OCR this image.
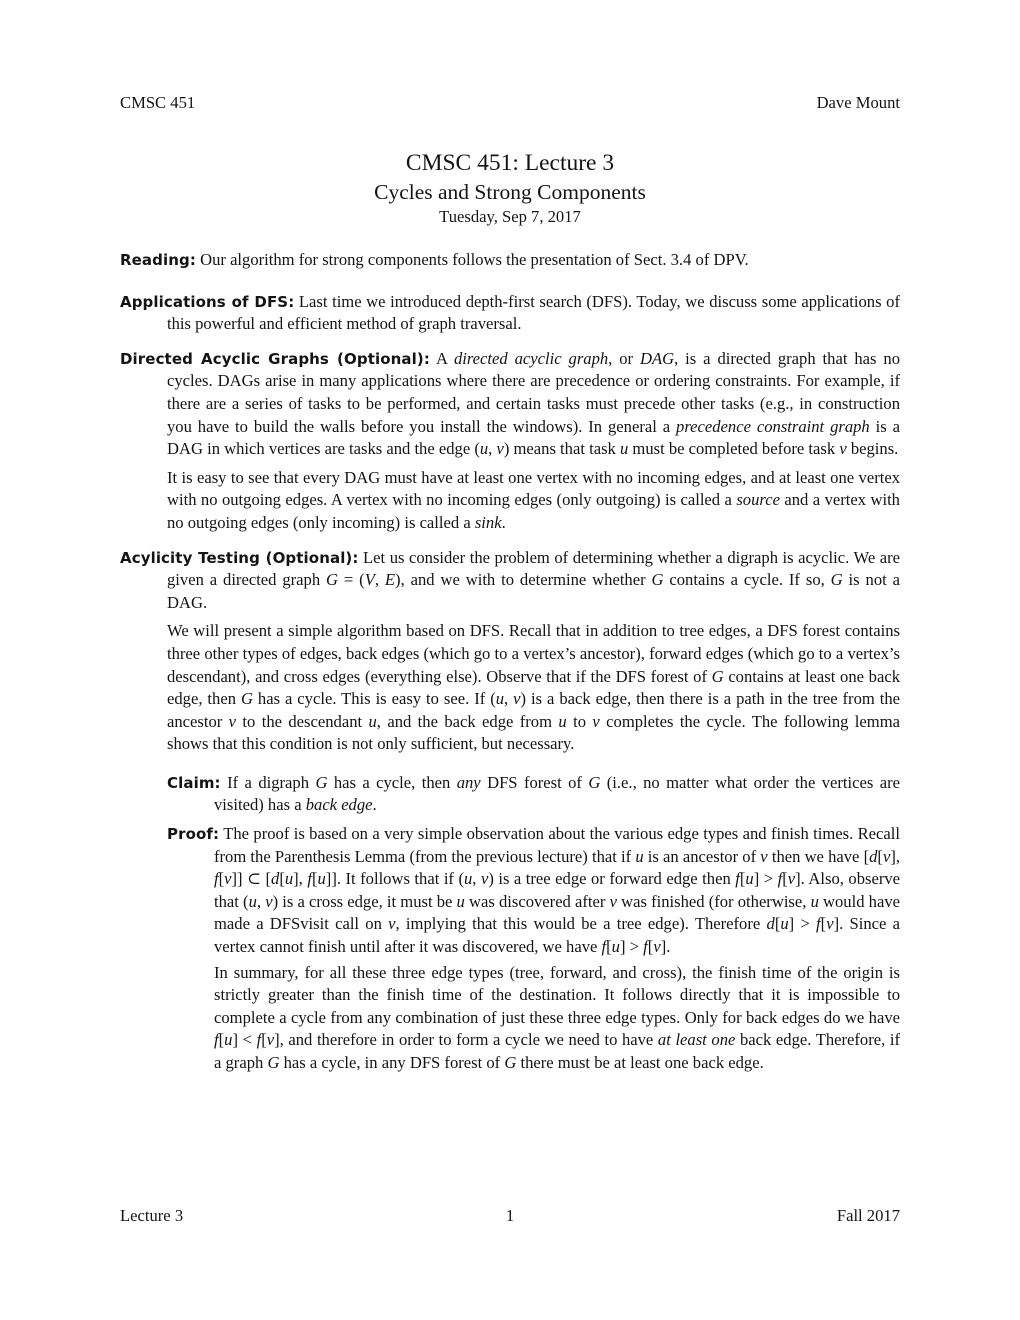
CMSC 451	Dave Mount
CMSC 451: Lecture 3
Cycles and Strong Components
Tuesday, Sep 7, 2017
Reading: Our algorithm for strong components follows the presentation of Sect. 3.4 of DPV.
Applications of DFS: Last time we introduced depth-first search (DFS). Today, we discuss some applications of this powerful and efficient method of graph traversal.
Directed Acyclic Graphs (Optional): A directed acyclic graph, or DAG, is a directed graph that has no cycles. DAGs arise in many applications where there are precedence or ordering constraints. For example, if there are a series of tasks to be performed, and certain tasks must precede other tasks (e.g., in construction you have to build the walls before you install the windows). In general a precedence constraint graph is a DAG in which vertices are tasks and the edge (u, v) means that task u must be completed before task v begins.
It is easy to see that every DAG must have at least one vertex with no incoming edges, and at least one vertex with no outgoing edges. A vertex with no incoming edges (only outgoing) is called a source and a vertex with no outgoing edges (only incoming) is called a sink.
Acylicity Testing (Optional): Let us consider the problem of determining whether a digraph is acyclic. We are given a directed graph G = (V, E), and we with to determine whether G contains a cycle. If so, G is not a DAG.
We will present a simple algorithm based on DFS. Recall that in addition to tree edges, a DFS forest contains three other types of edges, back edges (which go to a vertex’s ancestor), forward edges (which go to a vertex’s descendant), and cross edges (everything else). Observe that if the DFS forest of G contains at least one back edge, then G has a cycle. This is easy to see. If (u, v) is a back edge, then there is a path in the tree from the ancestor v to the descendant u, and the back edge from u to v completes the cycle. The following lemma shows that this condition is not only sufficient, but necessary.
Claim: If a digraph G has a cycle, then any DFS forest of G (i.e., no matter what order the vertices are visited) has a back edge.
Proof: The proof is based on a very simple observation about the various edge types and finish times. Recall from the Parenthesis Lemma (from the previous lecture) that if u is an ancestor of v then we have [d[v], f[v]] ⊂ [d[u], f[u]]. It follows that if (u, v) is a tree edge or forward edge then f[u] > f[v]. Also, observe that (u, v) is a cross edge, it must be u was discovered after v was finished (for otherwise, u would have made a DFSvisit call on v, implying that this would be a tree edge). Therefore d[u] > f[v]. Since a vertex cannot finish until after it was discovered, we have f[u] > f[v].
In summary, for all these three edge types (tree, forward, and cross), the finish time of the origin is strictly greater than the finish time of the destination. It follows directly that it is impossible to complete a cycle from any combination of just these three edge types. Only for back edges do we have f[u] < f[v], and therefore in order to form a cycle we need to have at least one back edge. Therefore, if a graph G has a cycle, in any DFS forest of G there must be at least one back edge.
Lecture 3	1	Fall 2017
